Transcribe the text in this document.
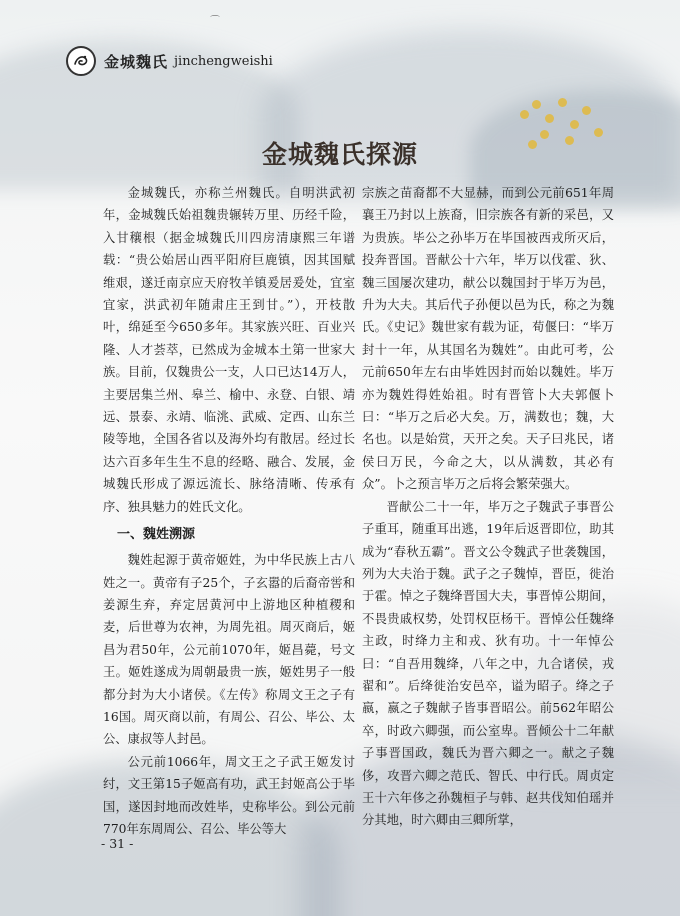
⌒
金城魏氏 jinchengweishi
金城魏氏探源

金城魏氏，亦称兰州魏氏。自明洪武初年，金城魏氏始祖魏贵辗转万里、历经千险，入甘穰根（据金城魏氏川四房清康熙三年谱载：“贵公始居山西平阳府巨鹿镇，因其国赋维艰，遂迁南京应天府牧羊镇爰居爰处，宜室宜家，洪武初年随肃庄王到甘。”），开枝散叶，绵延至今650多年。其家族兴旺、百业兴隆、人才荟萃，已然成为金城本土第一世家大族。目前，仅魏贵公一支，人口已达14万人，主要居集兰州、皋兰、榆中、永登、白银、靖远、景泰、永靖、临洮、武威、定西、山东兰陵等地，全国各省以及海外均有散居。经过长达六百多年生生不息的经略、融合、发展，金城魏氏形成了源远流长、脉络清晰、传承有序、独具魅力的姓氏文化。

一、魏姓溯源

魏姓起源于黄帝姬姓，为中华民族上古八姓之一。黄帝有子25个，子玄嚣的后裔帝喾和姜源生弃，弃定居黄河中上游地区种植稷和麦，后世尊为农神，为周先祖。周灭商后，姬昌为君50年，公元前1070年，姬昌薨，号文王。姬姓遂成为周朝最贵一族，姬姓男子一般都分封为大小诸侯。《左传》称周文王之子有16国。周灭商以前，有周公、召公、毕公、太公、康叔等人封邑。

公元前1066年，周文王之子武王姬发讨纣，文王第15子姬高有功，武王封姬高公于毕国，遂因封地而改姓毕，史称毕公。到公元前770年东周周公、召公、毕公等大

宗族之苗裔都不大显赫，而到公元前651年周襄王乃封以上族裔，旧宗族各有新的采邑，又为贵族。毕公之孙毕万在毕国被西戎所灭后，投奔晋国。晋献公十六年，毕万以伐霍、狄、魏三国屡次建功，献公以魏国封于毕万为邑，升为大夫。其后代子孙便以邑为氏，称之为魏氏。《史记》魏世家有载为证，荀偃曰：“毕万封十一年，从其国名为魏姓”。由此可考，公元前650年左右由毕姓因封而始以魏姓。毕万亦为魏姓得姓始祖。时有晋管卜大夫郭偃卜曰：“毕万之后必大矣。万，满数也；魏，大名也。以是始赏，天开之矣。天子曰兆民，诸侯曰万民，今命之大，以从满数，其必有众”。卜之预言毕万之后将会繁荣强大。

晋献公二十一年，毕万之子魏武子事晋公子重耳，随重耳出逃，19年后返晋即位，助其成为“春秋五霸”。晋文公令魏武子世袭魏国，列为大夫治于魏。武子之子魏悼，晋臣，徙治于霍。悼之子魏绛晋国大夫，事晋悼公期间，不畏贵戚权势，处罚权臣杨干。晋悼公任魏绛主政，时绛力主和戎、狄有功。十一年悼公曰：“自吾用魏绛，八年之中，九合诸侯，戎翟和”。后绛徙治安邑卒，谥为昭子。绛之子嬴，嬴之子魏献子皆事晋昭公。前562年昭公卒，时政六卿强，而公室卑。晋倾公十二年献子事晋国政，魏氏为晋六卿之一。献之子魏侈，攻晋六卿之范氏、智氏、中行氏。周贞定王十六年侈之孙魏桓子与韩、赵共伐知伯瑶并分其地，时六卿由三卿所掌，

- 31 -
